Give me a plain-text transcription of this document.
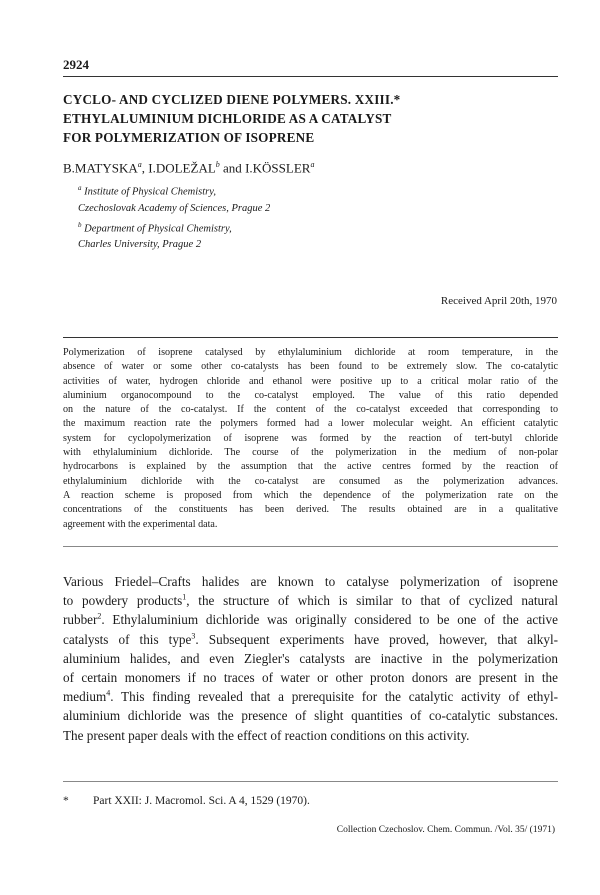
2924
CYCLO- AND CYCLIZED DIENE POLYMERS. XXIII.*
ETHYLALUMINIUM DICHLORIDE AS A CATALYST
FOR POLYMERIZATION OF ISOPRENE
B.MATYSKA$^a$, I.DOLEŽAL$^b$ and I.KÖSSLER$^a$
$^a$ Institute of Physical Chemistry,
Czechoslovak Academy of Sciences, Prague 2
$^b$ Department of Physical Chemistry,
Charles University, Prague 2
Received April 20th, 1970
Polymerization of isoprene catalysed by ethylaluminium dichloride at room temperature, in the
absence of water or some other co-catalysts has been found to be extremely slow. The co-catalytic
activities of water, hydrogen chloride and ethanol were positive up to a critical molar ratio of the
aluminium organocompound to the co-catalyst employed. The value of this ratio depended
on the nature of the co-catalyst. If the content of the co-catalyst exceeded that corresponding to
the maximum reaction rate the polymers formed had a lower molecular weight. An efficient catalytic
system for cyclopolymerization of isoprene was formed by the reaction of tert-butyl chloride
with ethylaluminium dichloride. The course of the polymerization in the medium of non-polar
hydrocarbons is explained by the assumption that the active centres formed by the reaction of
ethylaluminium dichloride with the co-catalyst are consumed as the polymerization advances.
A reaction scheme is proposed from which the dependence of the polymerization rate on the
concentrations of the constituents has been derived. The results obtained are in a qualitative
agreement with the experimental data.
Various Friedel–Crafts halides are known to catalyse polymerization of isoprene
to powdery products$^1$, the structure of which is similar to that of cyclized natural
rubber$^2$. Ethylaluminium dichloride was originally considered to be one of the active
catalysts of this type$^3$. Subsequent experiments have proved, however, that alkyl-
aluminium halides, and even Ziegler's catalysts are inactive in the polymerization
of certain monomers if no traces of water or other proton donors are present in the
medium$^4$. This finding revealed that a prerequisite for the catalytic activity of ethyl-
aluminium dichloride was the presence of slight quantities of co-catalytic substances.
The present paper deals with the effect of reaction conditions on this activity.
* Part XXII: J. Macromol. Sci. A 4, 1529 (1970).
Collection Czechoslov. Chem. Commun. /Vol. 35/ (1971)
